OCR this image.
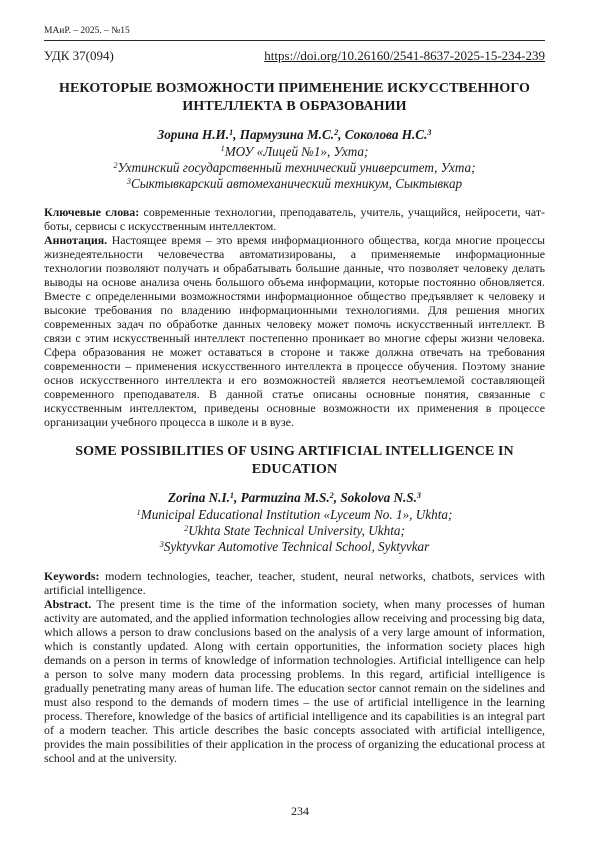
МАиР. – 2025. – №15
УДК 37(094)	https://doi.org/10.26160/2541-8637-2025-15-234-239
НЕКОТОРЫЕ ВОЗМОЖНОСТИ ПРИМЕНЕНИЕ ИСКУССТВЕННОГО
ИНТЕЛЛЕКТА В ОБРАЗОВАНИИ
Зорина Н.И.$^1$, Пармузина М.С.$^2$, Соколова Н.С.$^3$
$^1$МОУ «Лицей №1», Ухта;
$^2$Ухтинский государственный технический университет, Ухта;
$^3$Сыктывкарский автомеханический техникум, Сыктывкар

Ключевые слова: современные технологии, преподаватель, учитель, учащийся, нейросети, чат-боты, сервисы с искусственным интеллектом.

Аннотация. Настоящее время – это время информационного общества, когда многие процессы жизнедеятельности человечества автоматизированы, а применяемые информационные технологии позволяют получать и обрабатывать большие данные, что позволяет человеку делать выводы на основе анализа очень большого объема информации, которые постоянно обновляется. Вместе с определенными возможностями информационное общество предъявляет к человеку и высокие требования по владению информационными технологиями. Для решения многих современных задач по обработке данных человеку может помочь искусственный интеллект. В связи с этим искусственный интеллект постепенно проникает во многие сферы жизни человека. Сфера образования не может оставаться в стороне и также должна отвечать на требования современности – применения искусственного интеллекта в процессе обучения. Поэтому знание основ искусственного интеллекта и его возможностей является неотъемлемой составляющей современного преподавателя. В данной статье описаны основные понятия, связанные с искусственным интеллектом, приведены основные возможности их применения в процессе организации учебного процесса в школе и в вузе.

SOME POSSIBILITIES OF USING ARTIFICIAL INTELLIGENCE IN
EDUCATION
Zorina N.I.$^1$, Parmuzina M.S.$^2$, Sokolova N.S.$^3$
$^1$Municipal Educational Institution «Lyceum No. 1», Ukhta;
$^2$Ukhta State Technical University, Ukhta;
$^3$Syktyvkar Automotive Technical School, Syktyvkar

Keywords: modern technologies, teacher, teacher, student, neural networks, chatbots, services with artificial intelligence.

Abstract. The present time is the time of the information society, when many processes of human activity are automated, and the applied information technologies allow receiving and processing big data, which allows a person to draw conclusions based on the analysis of a very large amount of information, which is constantly updated. Along with certain opportunities, the information society places high demands on a person in terms of knowledge of information technologies. Artificial intelligence can help a person to solve many modern data processing problems. In this regard, artificial intelligence is gradually penetrating many areas of human life. The education sector cannot remain on the sidelines and must also respond to the demands of modern times – the use of artificial intelligence in the learning process. Therefore, knowledge of the basics of artificial intelligence and its capabilities is an integral part of a modern teacher. This article describes the basic concepts associated with artificial intelligence, provides the main possibilities of their application in the process of organizing the educational process at school and at the university.

234
